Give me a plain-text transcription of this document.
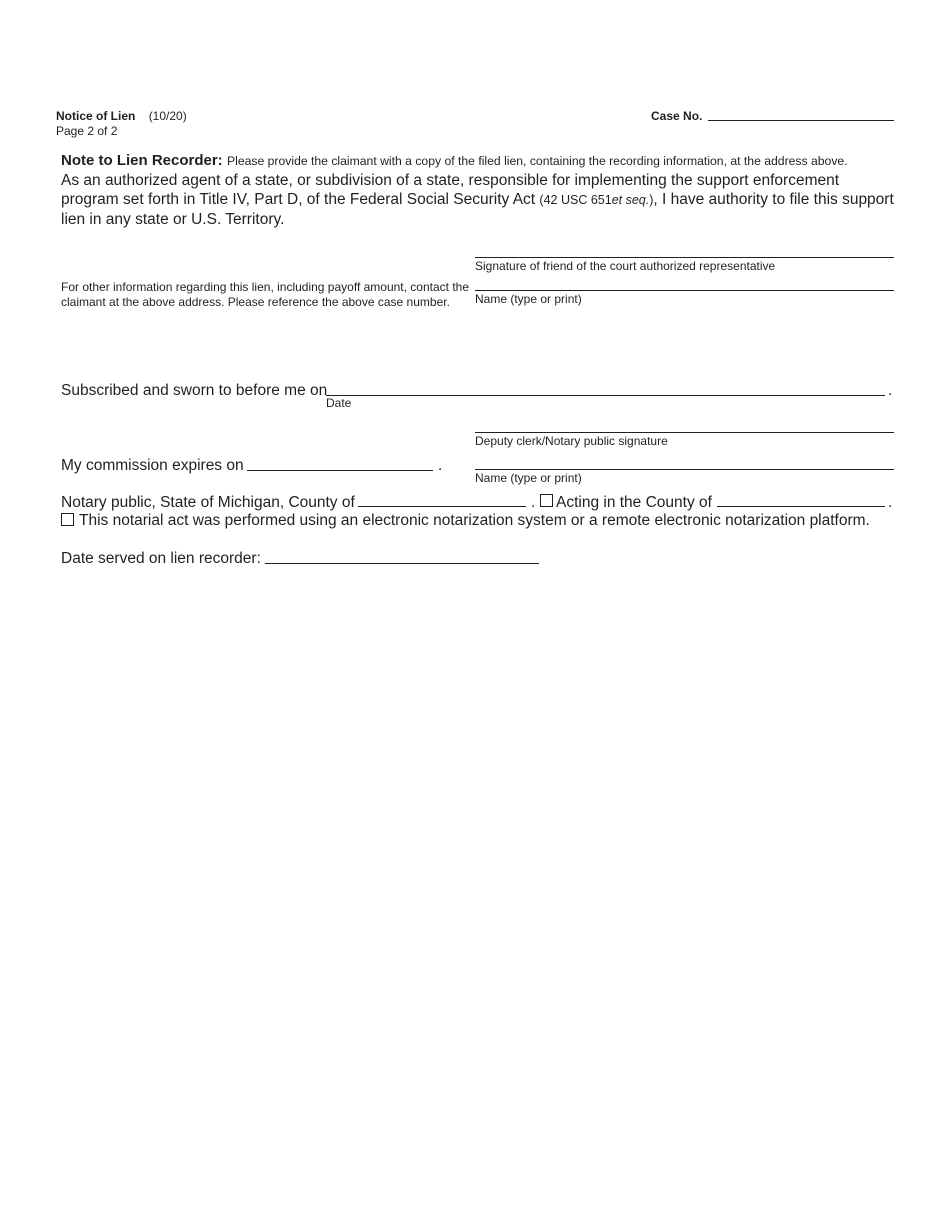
Notice of Lien (10/20)
Page 2 of 2
Case No.
Note to Lien Recorder: Please provide the claimant with a copy of the filed lien, containing the recording information, at the address above.
As an authorized agent of a state, or subdivision of a state, responsible for implementing the support enforcement program set forth in Title IV, Part D, of the Federal Social Security Act (42 USC 651et seq.), I have authority to file this support lien in any state or U.S. Territory.
For other information regarding this lien, including payoff amount, contact the claimant at the above address. Please reference the above case number.
Signature of friend of the court authorized representative
Name (type or print)
Subscribed and sworn to before me on	.
Date
Deputy clerk/Notary public signature
My commission expires on	.
Name (type or print)
Notary public, State of Michigan, County of	. Acting in the County of	.
This notarial act was performed using an electronic notarization system or a remote electronic notarization platform.
Date served on lien recorder:
